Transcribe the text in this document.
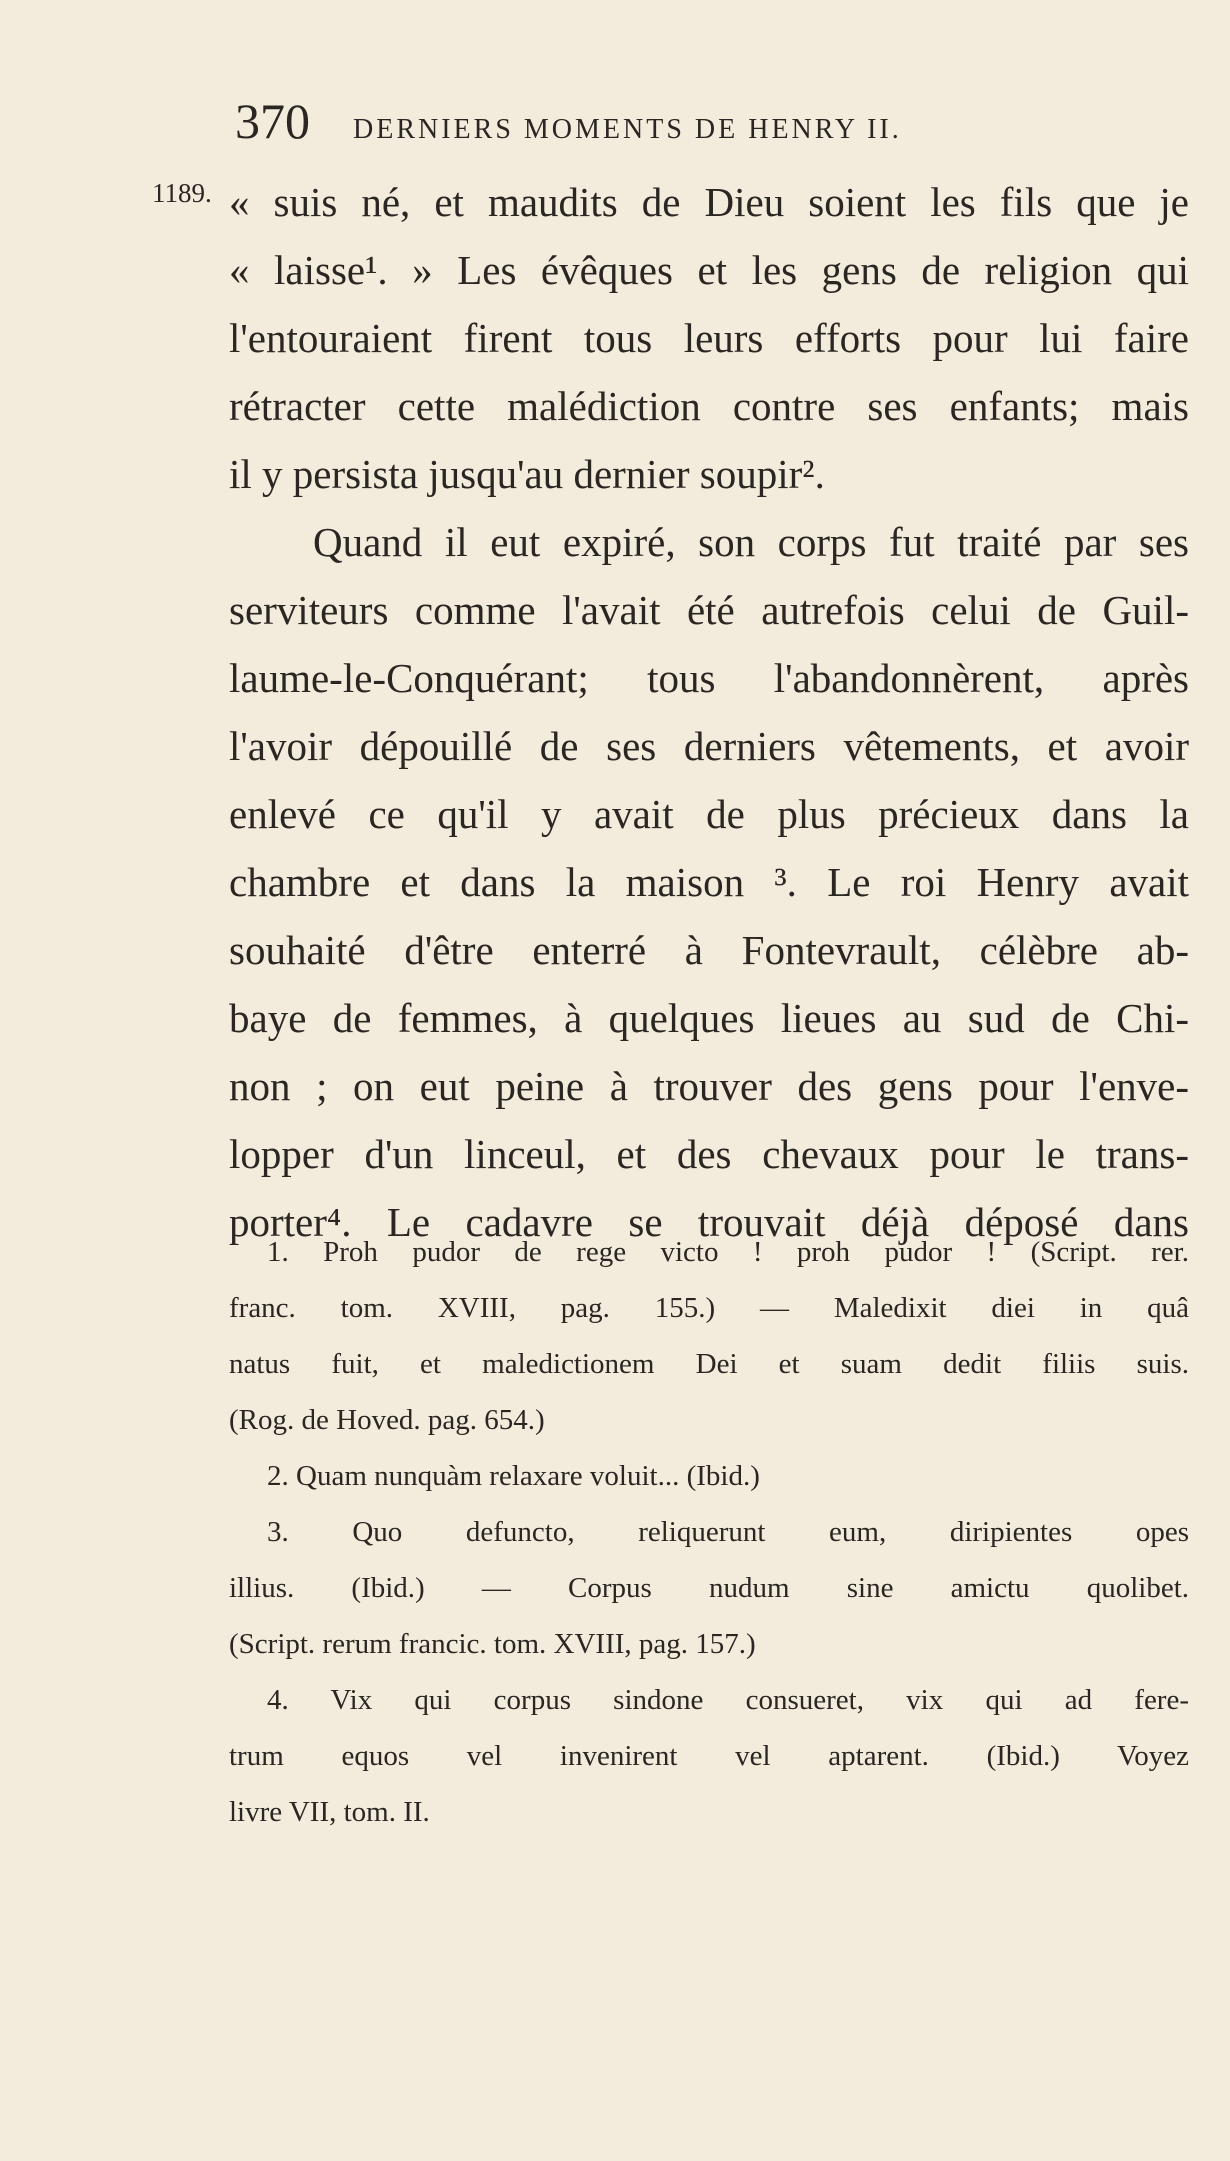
370	DERNIERS MOMENTS DE HENRY II.
1189. « suis né, et maudits de Dieu soient les fils que je
« laisse¹. » Les évêques et les gens de religion qui
l'entouraient firent tous leurs efforts pour lui faire
rétracter cette malédiction contre ses enfants; mais
il y persista jusqu'au dernier soupir².
Quand il eut expiré, son corps fut traité par ses
serviteurs comme l'avait été autrefois celui de Guil-
laume-le-Conquérant; tous l'abandonnèrent, après
l'avoir dépouillé de ses derniers vêtements, et avoir
enlevé ce qu'il y avait de plus précieux dans la
chambre et dans la maison ³. Le roi Henry avait
souhaité d'être enterré à Fontevrault, célèbre ab-
baye de femmes, à quelques lieues au sud de Chi-
non ; on eut peine à trouver des gens pour l'enve-
lopper d'un linceul, et des chevaux pour le trans-
porter⁴. Le cadavre se trouvait déjà déposé dans
1. Proh pudor de rege victo ! proh pudor ! (Script. rer.
franc. tom. XVIII, pag. 155.) — Maledixit diei in quâ
natus fuit, et maledictionem Dei et suam dedit filiis suis.
(Rog. de Hoved. pag. 654.)
2. Quam nunquàm relaxare voluit... (Ibid.)
3. Quo defuncto, reliquerunt eum, diripientes opes
illius. (Ibid.) — Corpus nudum sine amictu quolibet.
(Script. rerum francic. tom. XVIII, pag. 157.)
4. Vix qui corpus sindone consueret, vix qui ad fere-
trum equos vel invenirent vel aptarent. (Ibid.) Voyez
livre VII, tom. II.
